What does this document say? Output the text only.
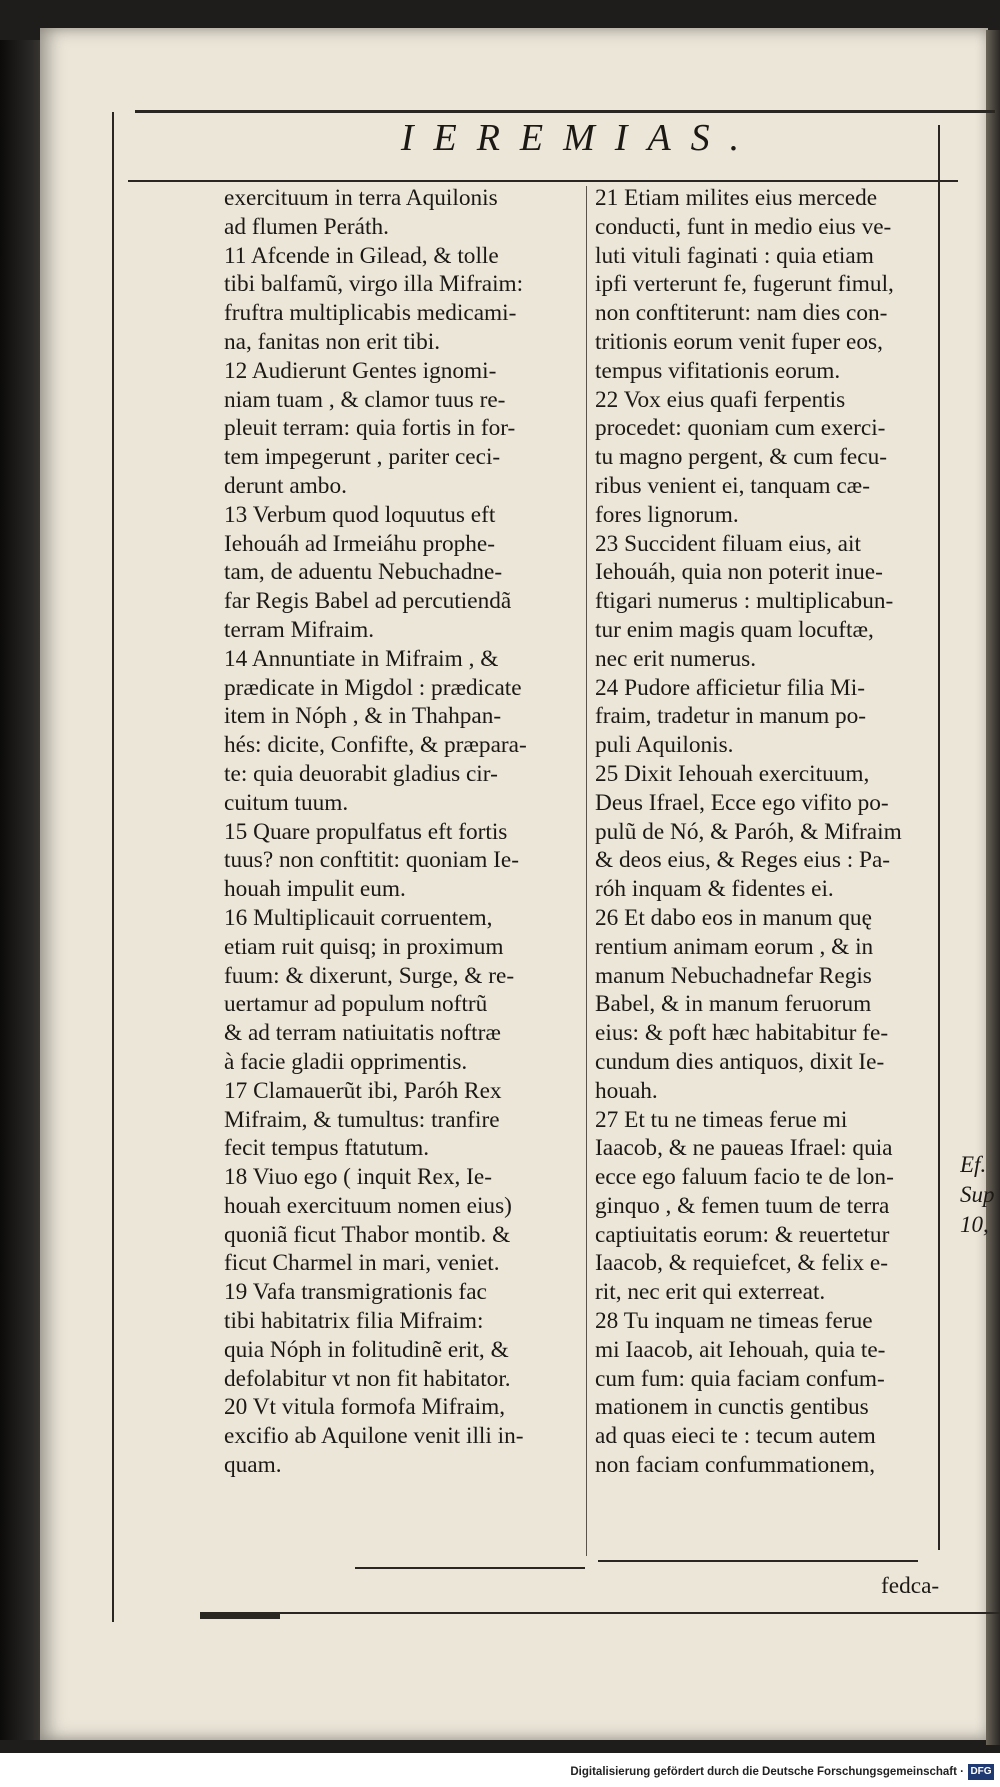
IEREMIAS.
exercituum in terra Aquilonis
ad flumen Peráth.
11 Afcende in Gilead, & tolle
tibi balfamũ, virgo illa Mifraim:
fruftra multiplicabis medicami-
na, fanitas non erit tibi.
12 Audierunt Gentes ignomi-
niam tuam , & clamor tuus re-
pleuit terram: quia fortis in for-
tem impegerunt , pariter ceci-
derunt ambo.
13 Verbum quod loquutus eft
Iehouáh ad Irmeiáhu prophe-
tam, de aduentu Nebuchadne-
far Regis Babel ad percutiendã
terram Mifraim.
14 Annuntiate in Mifraim , &
prædicate in Migdol : prædicate
item in Nóph , & in Thahpan-
hés: dicite, Confifte, & præpara-
te: quia deuorabit gladius cir-
cuitum tuum.
15 Quare propulfatus eft fortis
tuus? non conftitit: quoniam Ie-
houah impulit eum.
16 Multiplicauit corruentem,
etiam ruit quisq; in proximum
fuum: & dixerunt, Surge, & re-
uertamur ad populum noftrũ
& ad terram natiuitatis noftræ
à facie gladii opprimentis.
17 Clamauerũt ibi, Paróh Rex
Mifraim, & tumultus: tranfire
fecit tempus ftatutum.
18 Viuo ego ( inquit Rex, Ie-
houah exercituum nomen eius)
quoniã ficut Thabor montib. &
ficut Charmel in mari, veniet.
19 Vafa transmigrationis fac
tibi habitatrix filia Mifraim:
quia Nóph in folitudinẽ erit, &
defolabitur vt non fit habitator.
20 Vt vitula formofa Mifraim,
excifio ab Aquilone venit illi in-
quam.
21 Etiam milites eius mercede
conducti, funt in medio eius ve-
luti vituli faginati : quia etiam
ipfi verterunt fe, fugerunt fimul,
non conftiterunt: nam dies con-
tritionis eorum venit fuper eos,
tempus vifitationis eorum.
22 Vox eius quafi ferpentis
procedet: quoniam cum exerci-
tu magno pergent, & cum fecu-
ribus venient ei, tanquam cæ-
fores lignorum.
23 Succident filuam eius, ait
Iehouáh, quia non poterit inue-
ftigari numerus : multiplicabun-
tur enim magis quam locuftæ,
nec erit numerus.
24 Pudore afficietur filia Mi-
fraim, tradetur in manum po-
puli Aquilonis.
25 Dixit Iehouah exercituum,
Deus Ifrael, Ecce ego vifito po-
pulũ de Nó, & Paróh, & Mifraim
& deos eius, & Reges eius : Pa-
róh inquam & fidentes ei.
26 Et dabo eos in manum quę
rentium animam eorum , & in
manum Nebuchadnefar Regis
Babel, & in manum feruorum
eius: & poft hæc habitabitur fe-
cundum dies antiquos, dixit Ie-
houah.
27 Et tu ne timeas ferue mi
Iaacob, & ne paueas Ifrael: quia
ecce ego faluum facio te de lon-
ginquo , & femen tuum de terra
captiuitatis eorum: & reuertetur
Iaacob, & requiefcet, & felix e-
rit, nec erit qui exterreat.
28 Tu inquam ne timeas ferue
mi Iaacob, ait Iehouah, quia te-
cum fum: quia faciam confum-
mationem in cunctis gentibus
ad quas eieci te : tecum autem
non faciam confummationem,
fedca-
Ef.
Sup
10,
Digitalisierung gefördert durch die Deutsche Forschungsgemeinschaft · DFG
